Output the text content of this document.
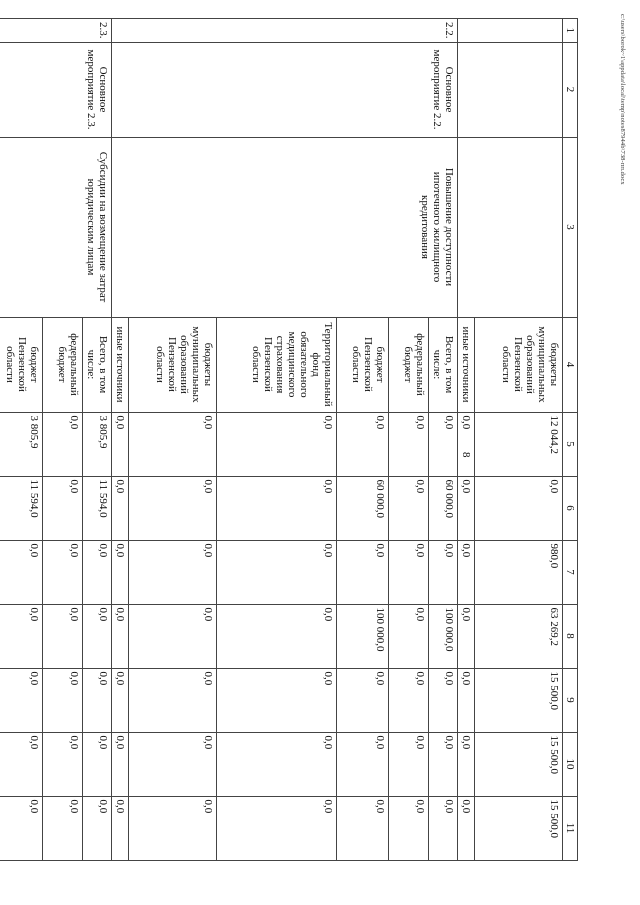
8
c:\users\borok~1\appdata\local\temp\notes87944b\738-пп.docx
1	2	3	4	5	6	7	8	9	10	11
			бюджеты муниципальных образований Пензенской области	12 044,2	0,0	980,0	63 269,2	15 500,0	15 500,0	15 500,0
			иные источники	0,0	0,0	0,0	0,0	0,0	0,0	0,0
2.2.	Основное мероприятие 2.2.	Повышение доступности ипотечного жилищного кредитования	Всего, в том числе:	0,0	60 000,0	0,0	100 000,0	0,0	0,0	0,0
			федеральный бюджет	0,0	0,0	0,0	0,0	0,0	0,0	0,0
			бюджет Пензенской области	0,0	60 000,0	0,0	100 000,0	0,0	0,0	0,0
			Территориальный фонд обязательного медицинского страхования Пензенской области	0,0	0,0	0,0	0,0	0,0	0,0	0,0
			бюджеты муниципальных образований Пензенской области	0,0	0,0	0,0	0,0	0,0	0,0	0,0
			иные источники	0,0	0,0	0,0	0,0	0,0	0,0	0,0
2.3.	Основное мероприятие 2.3.	Субсидии на возмещение затрат юридическим лицам	Всего, в том числе:	3 805,9	11 594,0	0,0	0,0	0,0	0,0	0,0
			федеральный бюджет	0,0	0,0	0,0	0,0	0,0	0,0	0,0
			бюджет Пензенской области	3 805,9	11 594,0	0,0	0,0	0,0	0,0	0,0
